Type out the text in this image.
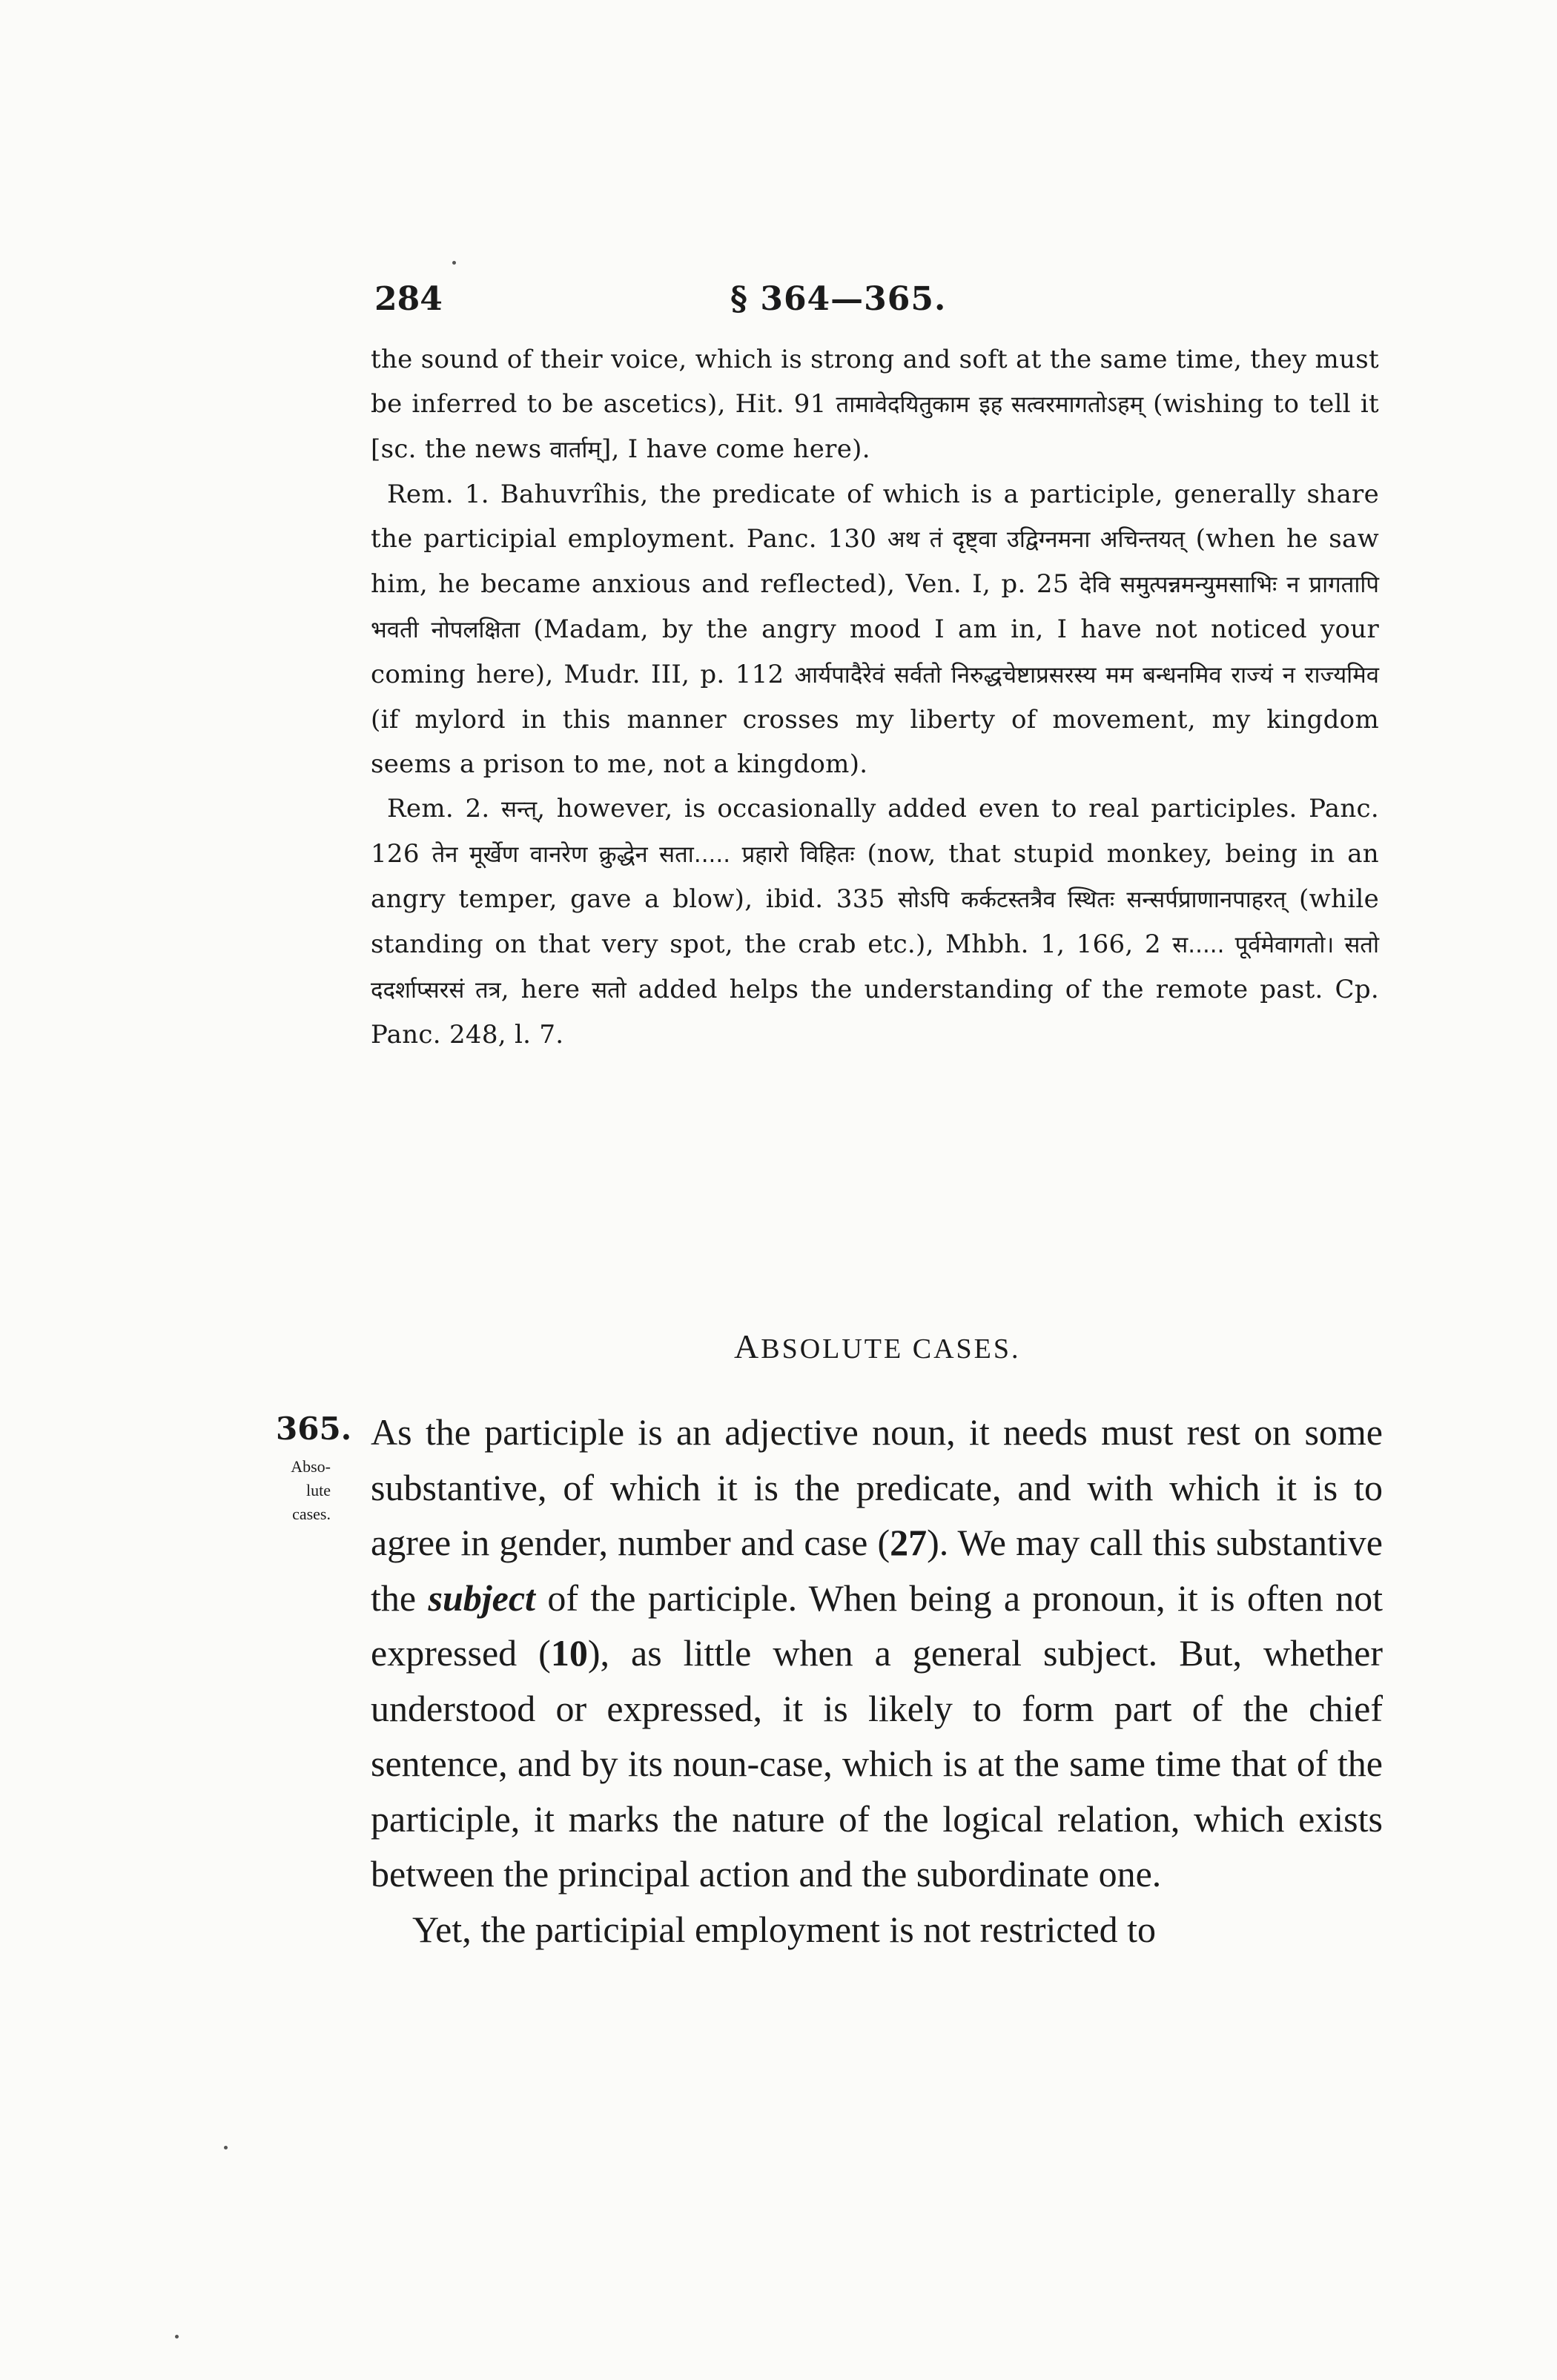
284	§ 364—365.

the sound of their voice, which is strong and soft at the same time, they must be inferred to be ascetics), Hit. 91 तामावेदयितुकाम इह सत्वरमागतोऽहम् (wishing to tell it [sc. the news वार्ताम्], I have come here).

Rem. 1. Bahuvrîhis, the predicate of which is a participle, generally share the participial employment. Panc. 130 अथ तं दृष्ट्वा उद्विग्नमना अचिन्तयत् (when he saw him, he became anxious and reflected), Ven. I, p. 25 देवि समुत्पन्नमन्युमसाभिः न प्रागतापि भवती नोपलक्षिता (Madam, by the angry mood I am in, I have not noticed your coming here), Mudr. III, p. 112 आर्यपादैरेवं सर्वतो निरुद्धचेष्टाप्रसरस्य मम बन्धनमिव राज्यं न राज्यमिव (if mylord in this manner crosses my liberty of movement, my kingdom seems a prison to me, not a kingdom).

Rem. 2. सन्त्, however, is occasionally added even to real participles. Panc. 126 तेन मूर्खेण वानरेण क्रुद्धेन सता..... प्रहारो विहितः (now, that stupid monkey, being in an angry temper, gave a blow), ibid. 335 सोऽपि कर्कटस्तत्रैव स्थितः सन्सर्पप्राणानपाहरत् (while standing on that very spot, the crab etc.), Mhbh. 1, 166, 2 स..... पूर्वमेवागतो। सतो ददर्शाप्सरसं तत्र, here सतो added helps the understanding of the remote past. Cp. Panc. 248, l. 7.

ABSOLUTE CASES.
365.
Abso-
lute
cases.

As the participle is an adjective noun, it needs must rest on some substantive, of which it is the predicate, and with which it is to agree in gender, number and case (27). We may call this substantive the subject of the participle. When being a pronoun, it is often not expressed (10), as little when a general subject. But, whether understood or expressed, it is likely to form part of the chief sentence, and by its noun-case, which is at the same time that of the participle, it marks the nature of the logical relation, which exists between the principal action and the subordinate one.

Yet, the participial employment is not restricted to
